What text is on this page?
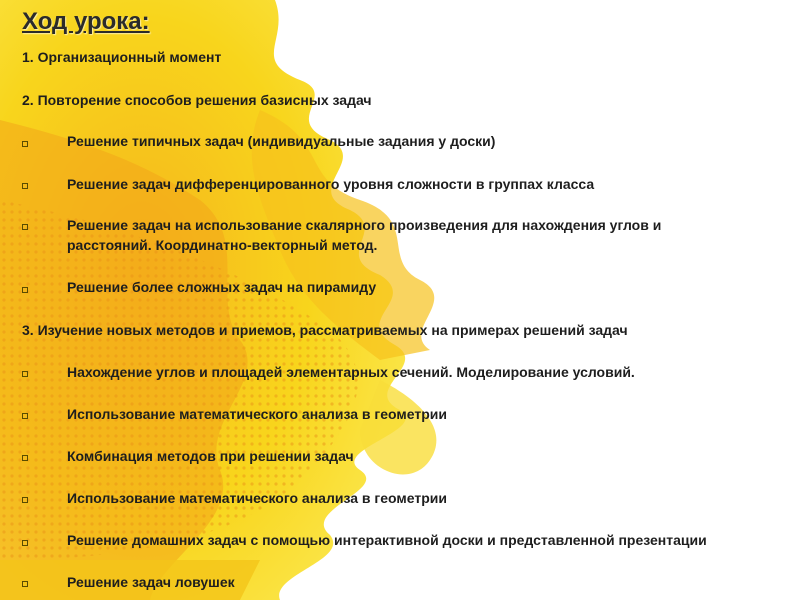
Ход урока:
1. Организационный момент
2. Повторение способов решения базисных задач
Решение типичных задач (индивидуальные задания у доски)
Решение задач дифференцированного уровня сложности в группах класса
Решение задач на использование скалярного произведения для нахождения углов и
расстояний. Координатно-векторный метод.
Решение более сложных задач на пирамиду
3. Изучение новых методов и приемов, рассматриваемых на примерах решений задач
Нахождение углов и площадей элементарных сечений. Моделирование условий.
Использование математического анализа в геометрии
Комбинация методов при решении задач
Использование математического анализа в геометрии
Решение домашних задач с помощью интерактивной доски и представленной презентации
Решение задач ловушек
